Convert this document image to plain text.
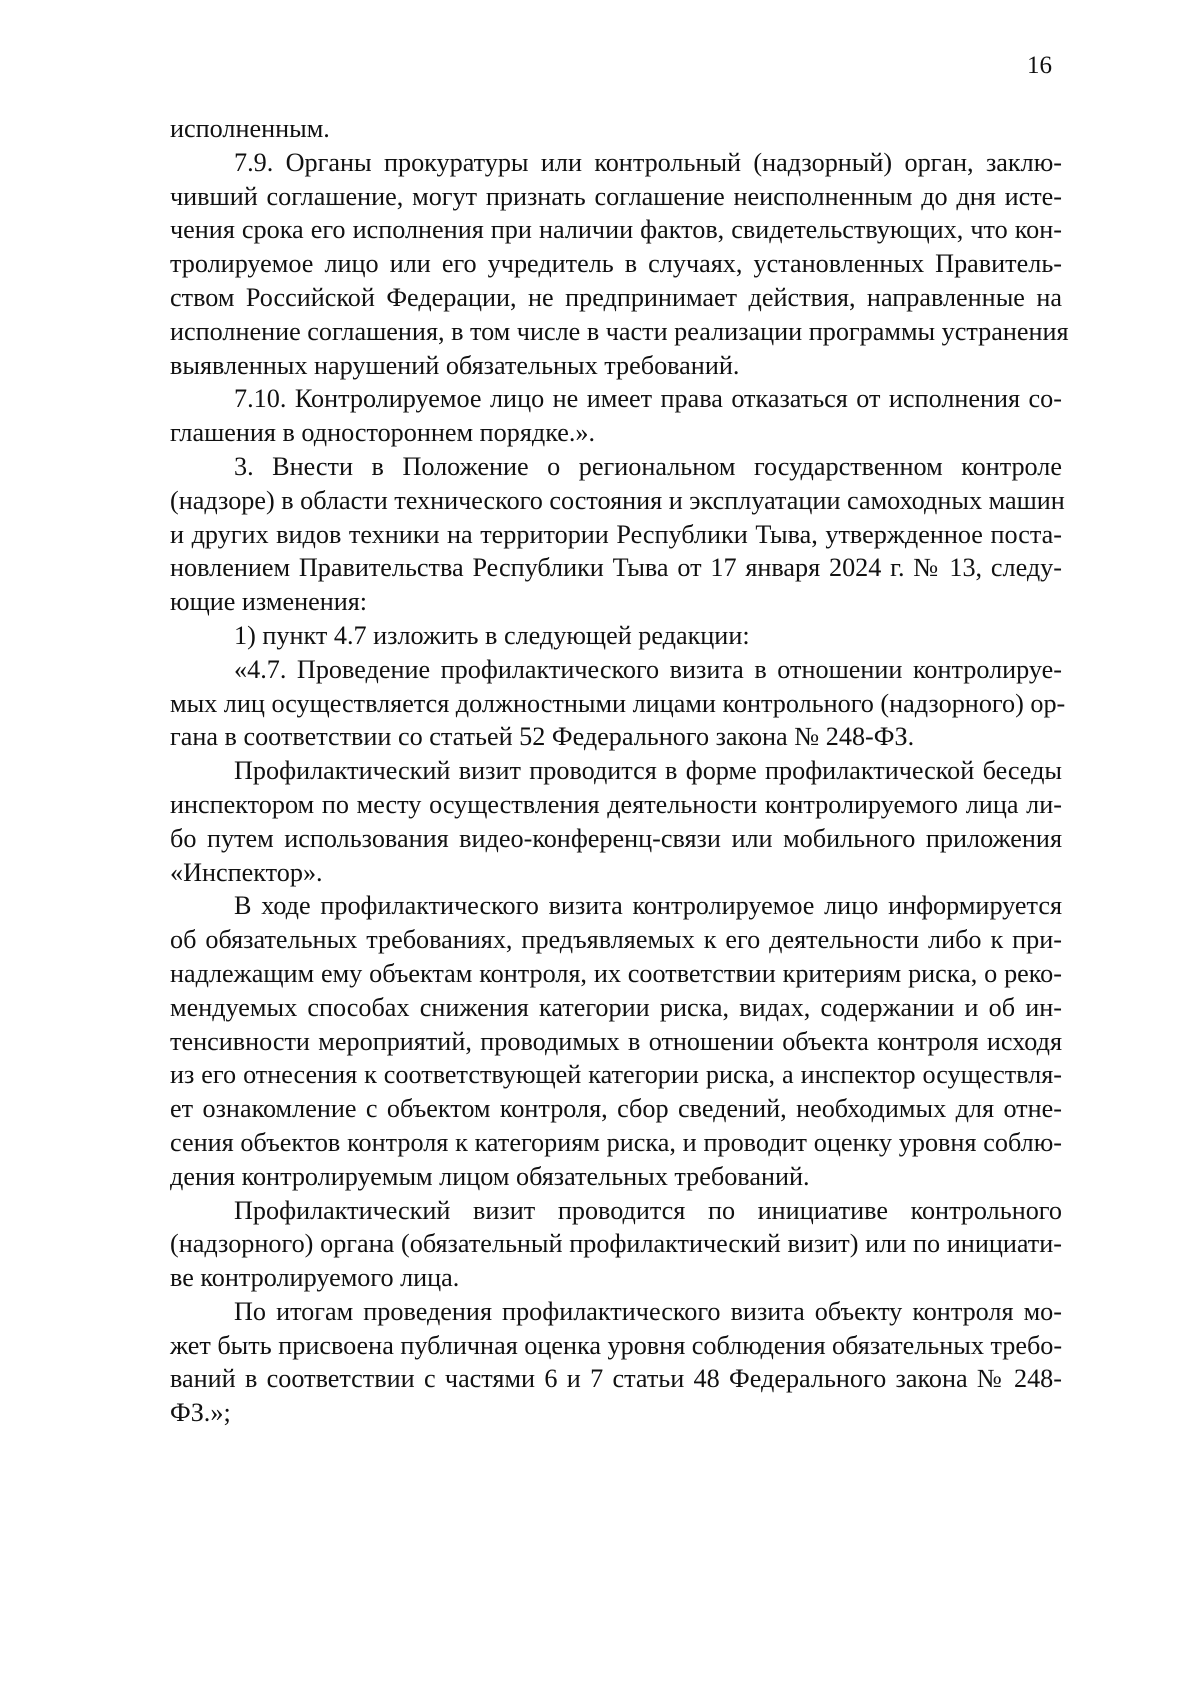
16
исполненным.
7.9. Органы прокуратуры или контрольный (надзорный) орган, заклю-
чивший соглашение, могут признать соглашение неисполненным до дня истe-
чения срока его исполнения при наличии фактов, свидетельствующих, что кон-
тролируемое лицо или его учредитель в случаях, установленных Правитель-
ством Российской Федерации, не предпринимает действия, направленные на
исполнение соглашения, в том числе в части реализации программы устранения
выявленных нарушений обязательных требований.
7.10. Контролируемое лицо не имеет права отказаться от исполнения со-
глашения в одностороннем порядке.».
3. Внести в Положение о региональном государственном контроле
(надзоре) в области технического состояния и эксплуатации самоходных машин
и других видов техники на территории Республики Тыва, утвержденное поста-
новлением Правительства Республики Тыва от 17 января 2024 г. № 13, следу-
ющие изменения:
1) пункт 4.7 изложить в следующей редакции:
«4.7. Проведение профилактического визита в отношении контролируе-
мых лиц осуществляется должностными лицами контрольного (надзорного) ор-
гана в соответствии со статьей 52 Федерального закона № 248-ФЗ.
Профилактический визит проводится в форме профилактической беседы
инспектором по месту осуществления деятельности контролируемого лица ли-
бо путем использования видео-конференц-связи или мобильного приложения
«Инспектор».
В ходе профилактического визита контролируемое лицо информируется
об обязательных требованиях, предъявляемых к его деятельности либо к при-
надлежащим ему объектам контроля, их соответствии критериям риска, о реко-
мендуемых способах снижения категории риска, видах, содержании и об ин-
тенсивности мероприятий, проводимых в отношении объекта контроля исходя
из его отнесения к соответствующей категории риска, а инспектор осуществля-
ет ознакомление с объектом контроля, сбор сведений, необходимых для отне-
сения объектов контроля к категориям риска, и проводит оценку уровня соблю-
дения контролируемым лицом обязательных требований.
Профилактический визит проводится по инициативе контрольного
(надзорного) органа (обязательный профилактический визит) или по инициати-
ве контролируемого лица.
По итогам проведения профилактического визита объекту контроля мо-
жет быть присвоена публичная оценка уровня соблюдения обязательных требо-
ваний в соответствии с частями 6 и 7 статьи 48 Федерального закона № 248-
ФЗ.»;
